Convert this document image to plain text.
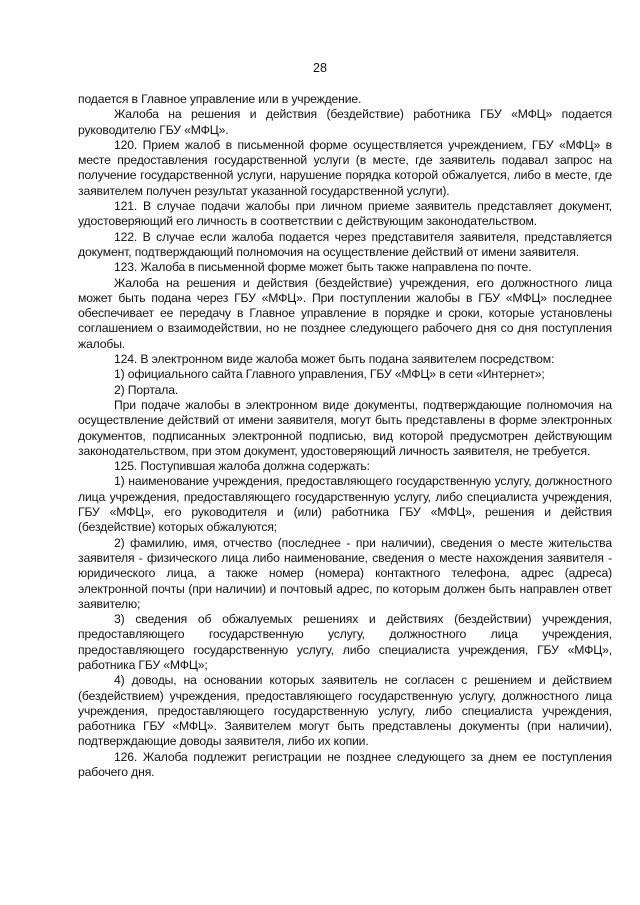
28

подается в Главное управление или в учреждение.

Жалоба на решения и действия (бездействие) работника ГБУ «МФЦ» подается руководителю ГБУ «МФЦ».

120. Прием жалоб в письменной форме осуществляется учреждением, ГБУ «МФЦ» в месте предоставления государственной услуги (в месте, где заявитель подавал запрос на получение государственной услуги, нарушение порядка которой обжалуется, либо в месте, где заявителем получен результат указанной государственной услуги).

121. В случае подачи жалобы при личном приеме заявитель представляет документ, удостоверяющий его личность в соответствии с действующим законодательством.

122. В случае если жалоба подается через представителя заявителя, представляется документ, подтверждающий полномочия на осуществление действий от имени заявителя.

123. Жалоба в письменной форме может быть также направлена по почте.

Жалоба на решения и действия (бездействие) учреждения, его должностного лица может быть подана через ГБУ «МФЦ». При поступлении жалобы в ГБУ «МФЦ» последнее обеспечивает ее передачу в Главное управление в порядке и сроки, которые установлены соглашением о взаимодействии, но не позднее следующего рабочего дня со дня поступления жалобы.

124. В электронном виде жалоба может быть подана заявителем посредством:

1) официального сайта Главного управления, ГБУ «МФЦ» в сети «Интернет»;

2) Портала.

При подаче жалобы в электронном виде документы, подтверждающие полномочия на осуществление действий от имени заявителя, могут быть представлены в форме электронных документов, подписанных электронной подписью, вид которой предусмотрен действующим законодательством, при этом документ, удостоверяющий личность заявителя, не требуется.

125. Поступившая жалоба должна содержать:

1) наименование учреждения, предоставляющего государственную услугу, должностного лица учреждения, предоставляющего государственную услугу, либо специалиста учреждения, ГБУ «МФЦ», его руководителя и (или) работника ГБУ «МФЦ», решения и действия (бездействие) которых обжалуются;

2) фамилию, имя, отчество (последнее - при наличии), сведения о месте жительства заявителя - физического лица либо наименование, сведения о месте нахождения заявителя - юридического лица, а также номер (номера) контактного телефона, адрес (адреса) электронной почты (при наличии) и почтовый адрес, по которым должен быть направлен ответ заявителю;

3) сведения об обжалуемых решениях и действиях (бездействии) учреждения, предоставляющего государственную услугу, должностного лица учреждения, предоставляющего государственную услугу, либо специалиста учреждения, ГБУ «МФЦ», работника ГБУ «МФЦ»;

4) доводы, на основании которых заявитель не согласен с решением и действием (бездействием) учреждения, предоставляющего государственную услугу, должностного лица учреждения, предоставляющего государственную услугу, либо специалиста учреждения, работника ГБУ «МФЦ». Заявителем могут быть представлены документы (при наличии), подтверждающие доводы заявителя, либо их копии.

126. Жалоба подлежит регистрации не позднее следующего за днем ее поступления рабочего дня.
